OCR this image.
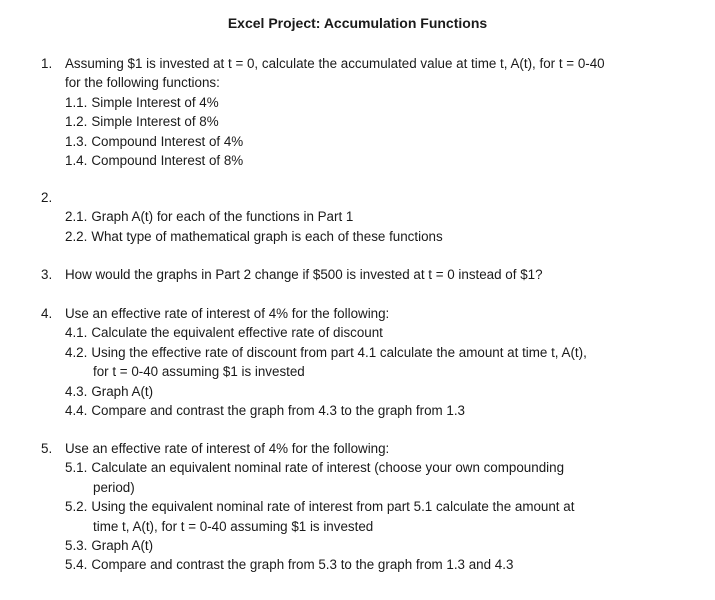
Excel Project: Accumulation Functions
1. Assuming $1 is invested at t = 0, calculate the accumulated value at time t, A(t), for t = 0-40
for the following functions:
1.1. Simple Interest of 4%
1.2. Simple Interest of 8%
1.3. Compound Interest of 4%
1.4. Compound Interest of 8%
2.

2.1. Graph A(t) for each of the functions in Part 1
2.2. What type of mathematical graph is each of these functions
3. How would the graphs in Part 2 change if $500 is invested at t = 0 instead of $1?
4. Use an effective rate of interest of 4% for the following:
4.1. Calculate the equivalent effective rate of discount
4.2. Using the effective rate of discount from part 4.1 calculate the amount at time t, A(t),
for t = 0-40 assuming $1 is invested
4.3. Graph A(t)
4.4. Compare and contrast the graph from 4.3 to the graph from 1.3
5. Use an effective rate of interest of 4% for the following:
5.1. Calculate an equivalent nominal rate of interest (choose your own compounding
period)
5.2. Using the equivalent nominal rate of interest from part 5.1 calculate the amount at
time t, A(t), for t = 0-40 assuming $1 is invested
5.3. Graph A(t)
5.4. Compare and contrast the graph from 5.3 to the graph from 1.3 and 4.3
